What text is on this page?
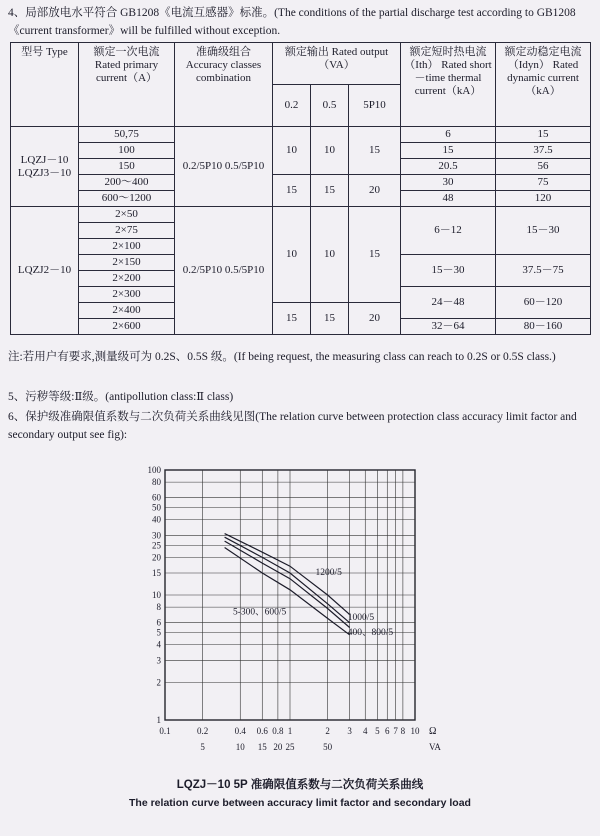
4、局部放电水平符合 GB1208《电流互感器》标准。(The conditions of the partial discharge test according to GB1208《current transformer》will be fulfilled without exception.

型号 Type	额定一次电流 Rated primary current（A）	准确级组合 Accuracy classes combination	额定输出 Rated output（VA）			额定短时热电流（Ith） Rated short－time thermal current（kA）	额定动稳定电流（Idyn） Rated dynamic current（kA）
			0.2	0.5	5P10		
LQZJ－10 LQZJ3－10	50,75	0.2/5P10 0.5/5P10	10	10	15	6	15
	100					15	37.5
	150					20.5	56
	200～400		15	15	20	30	75
	600～1200					48	120
LQZJ2－10	2×50	0.2/5P10 0.5/5P10	10	10	15	6－12	15－30
	2×75						
	2×100						
	2×150					15－30	37.5－75
	2×200						
	2×300					24－48	60－120
	2×400		15	15	20		
	2×600					32－64	80－160

注:若用户有要求,测量级可为 0.2S、0.5S 级。(If being request, the measuring class can reach to 0.2S or 0.5S class.)

5、污秽等级:Ⅱ级。(antipollution class:Ⅱ class)

6、保护级准确限值系数与二次负荷关系曲线见图(The relation curve between protection class accuracy limit factor and secondary output see fig):

1
2
3
4
5
6
8
10
15
20
25
30
40
50
60
80
100
0.1	0.2	0.4 0.6 0.8 1	2 3 4 5 6 7 8 10 Ω
5	10 15 20 25	50	VA
1200/5
1000/5
400、800/5
5-300、600/5
LQZJ－10 5P 准确限值系数与二次负荷关系曲线
The relation curve between accuracy limit factor and secondary load
